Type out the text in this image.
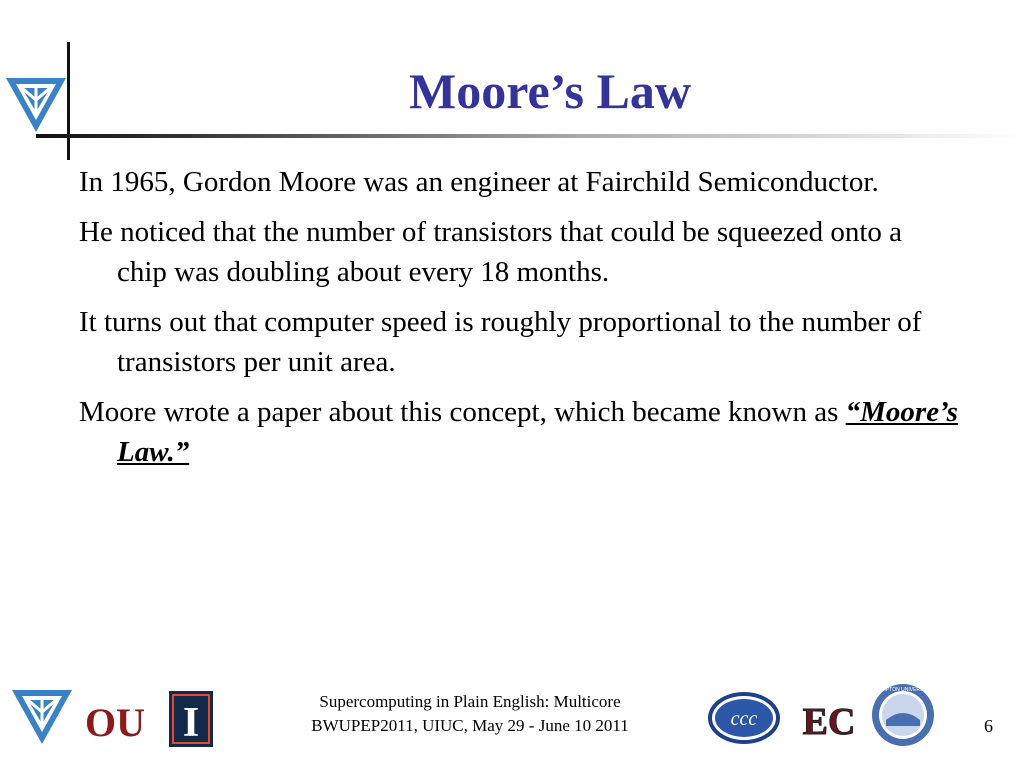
Moore’s Law

In 1965, Gordon Moore was an engineer at Fairchild Semiconductor.

He noticed that the number of transistors that could be squeezed onto a chip was doubling about every 18 months.

It turns out that computer speed is roughly proportional to the number of transistors per unit area.

Moore wrote a paper about this concept, which became known as “Moore’s Law.”

OU I	Supercomputing in Plain English: Multicore
BWUPEP2011, UIUC, May 29 - June 10 2011	ccc EC
HAMPTON UNIVERSITY
6
